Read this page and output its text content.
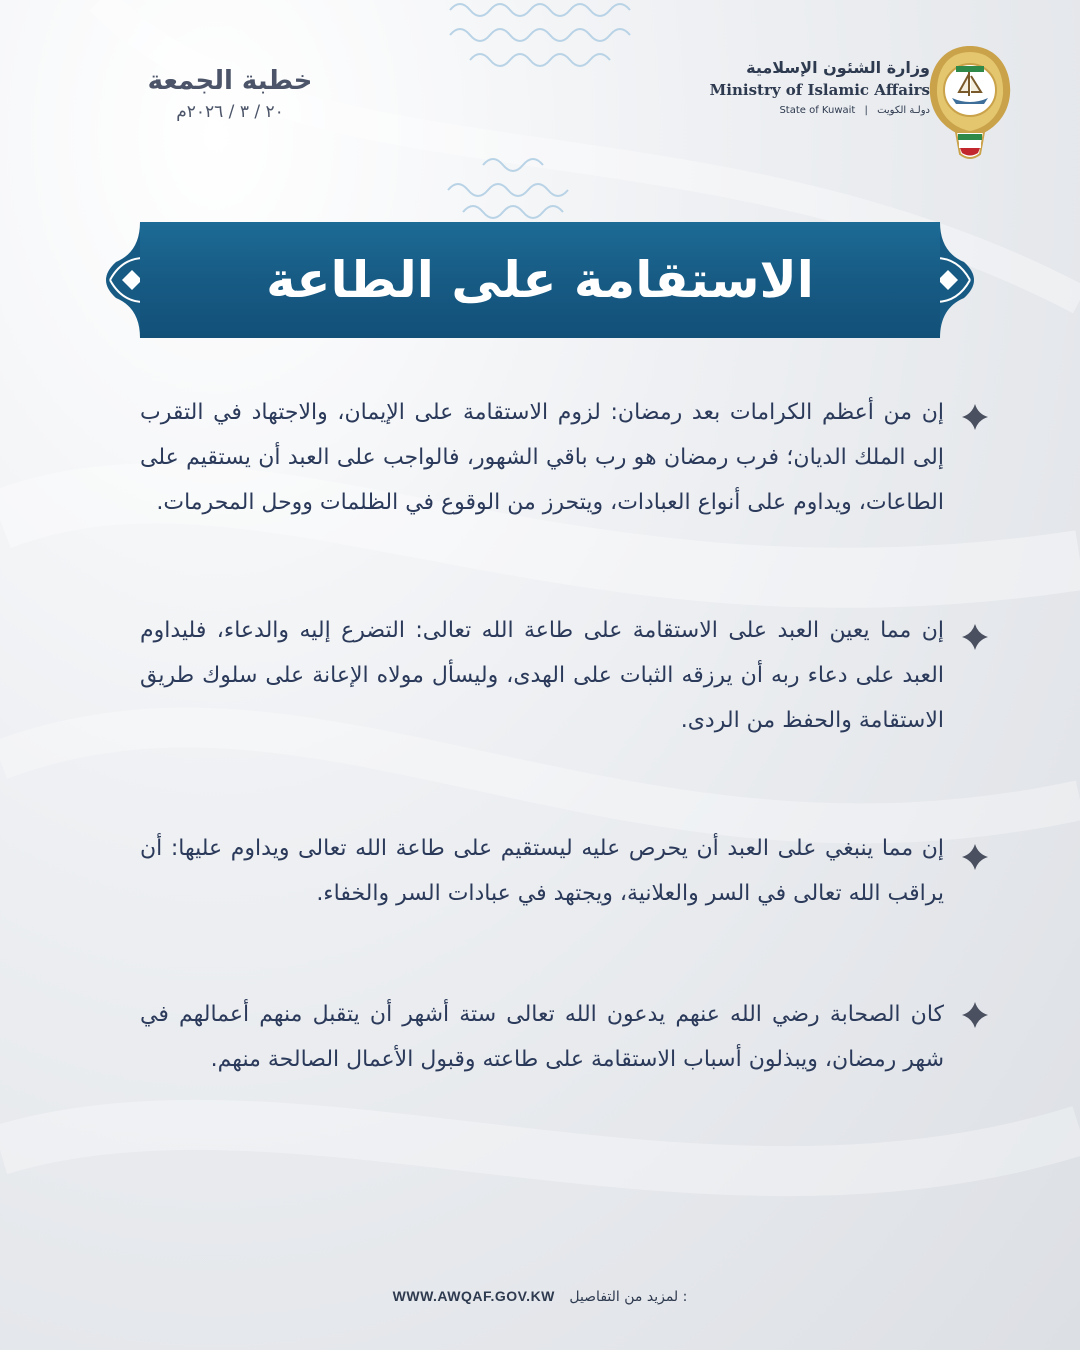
خطبة الجمعة
٢٠ / ٣ / ٢٠٢٦م
وزارة الشئون الإسلامية
Ministry of Islamic Affairs
State of Kuwait | دولـة الكويت
الاستقامة على الطاعة
إن من أعظم الكرامات بعد رمضان: لزوم الاستقامة على الإيمان، والاجتهاد في التقرب إلى الملك الديان؛ فرب رمضان هو رب باقي الشهور، فالواجب على العبد أن يستقيم على الطاعات، ويداوم على أنواع العبادات، ويتحرز من الوقوع في الظلمات ووحل المحرمات.
إن مما يعين العبد على الاستقامة على طاعة الله تعالى: التضرع إليه والدعاء، فليداوم العبد على دعاء ربه أن يرزقه الثبات على الهدى، وليسأل مولاه الإعانة على سلوك طريق الاستقامة والحفظ من الردى.
إن مما ينبغي على العبد أن يحرص عليه ليستقيم على طاعة الله تعالى ويداوم عليها: أن يراقب الله تعالى في السر والعلانية، ويجتهد في عبادات السر والخفاء.
كان الصحابة رضي الله عنهم يدعون الله تعالى ستة أشهر أن يتقبل منهم أعمالهم في شهر رمضان، ويبذلون أسباب الاستقامة على طاعته وقبول الأعمال الصالحة منهم.
WWW.AWQAF.GOV.KW لمزيد من التفاصيل :
